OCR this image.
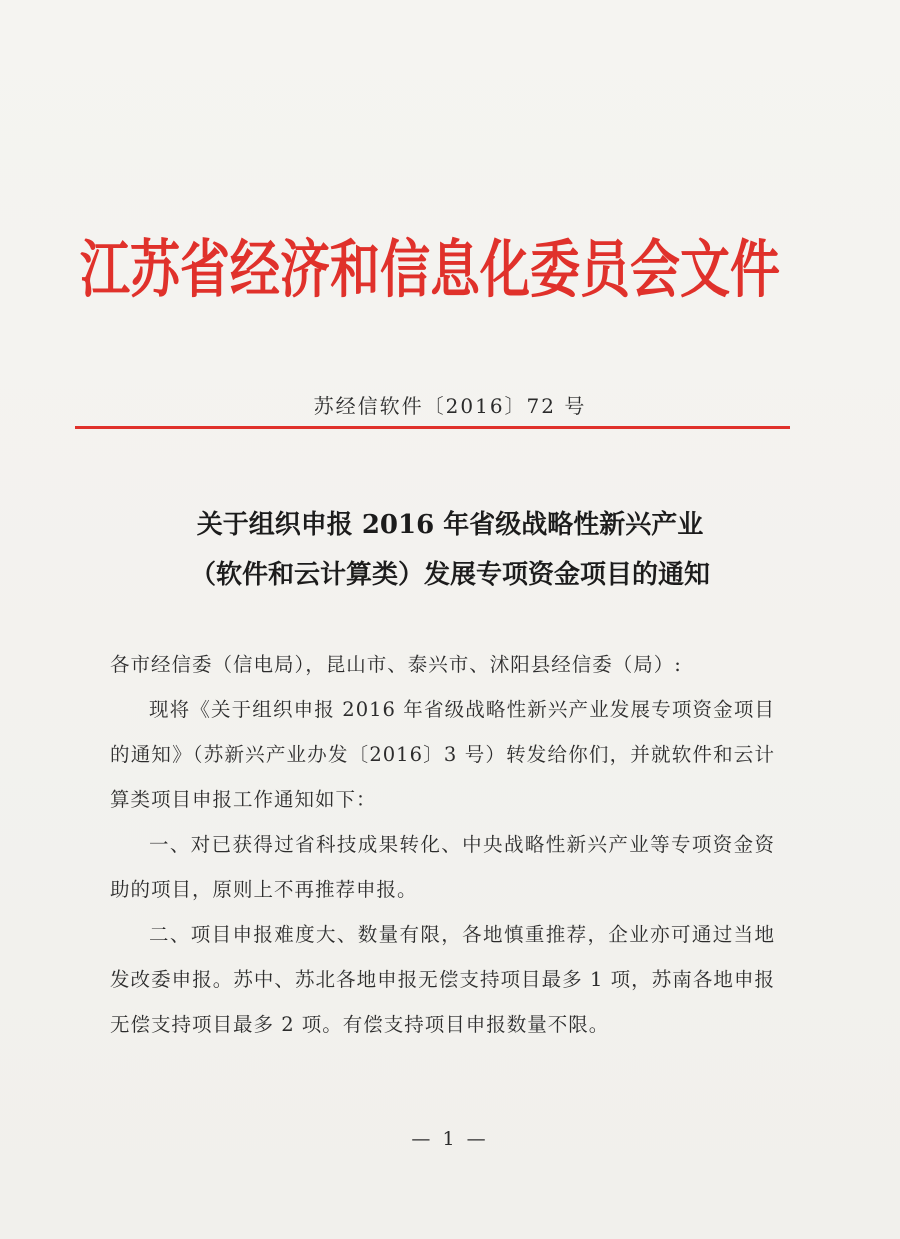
江苏省经济和信息化委员会文件
苏经信软件〔2016〕72 号
关于组织申报 2016 年省级战略性新兴产业
（软件和云计算类）发展专项资金项目的通知

各市经信委（信电局），昆山市、泰兴市、沭阳县经信委（局）:

现将《关于组织申报 2016 年省级战略性新兴产业发展专项资金项目的通知》（苏新兴产业办发〔2016〕3 号）转发给你们，并就软件和云计算类项目申报工作通知如下：

一、对已获得过省科技成果转化、中央战略性新兴产业等专项资金资助的项目，原则上不再推荐申报。

二、项目申报难度大、数量有限，各地慎重推荐，企业亦可通过当地发改委申报。苏中、苏北各地申报无偿支持项目最多 1 项，苏南各地申报无偿支持项目最多 2 项。有偿支持项目申报数量不限。

— 1 —
